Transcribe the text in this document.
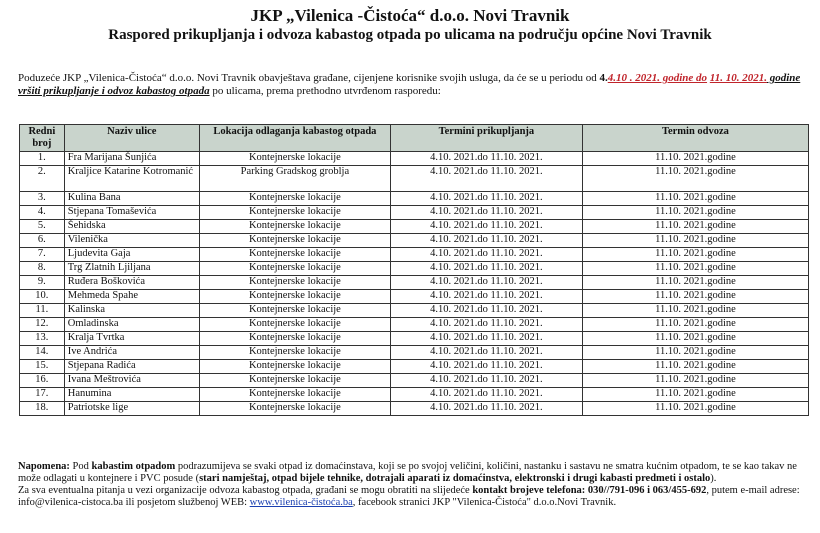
JKP „Vilenica -Čistoća“ d.o.o. Novi Travnik
Raspored prikupljanja i odvoza kabastog otpada po ulicama na području općine Novi Travnik
Poduzeće JKP „Vilenica-Čistoća“ d.o.o. Novi Travnik obavještava građane, cijenjene korisnike svojih usluga, da će se u periodu od 4.4.10 . 2021. godine do 11. 10. 2021. godine vršiti prikupljanje i odvoz kabastog otpada po ulicama, prema prethodno utvrđenom rasporedu:
Redni broj	Naziv ulice	Lokacija odlaganja kabastog otpada	Termini prikupljanja	Termin odvoza
1.	Fra Marijana Šunjića	Kontejnerske lokacije	4.10. 2021.do 11.10. 2021.	11.10. 2021.godine
2.	Kraljice Katarine Kotromanić	Parking Gradskog groblja	4.10. 2021.do 11.10. 2021.	11.10. 2021.godine
3.	Kulina Bana	Kontejnerske lokacije	4.10. 2021.do 11.10. 2021.	11.10. 2021.godine
4.	Stjepana Tomaševića	Kontejnerske lokacije	4.10. 2021.do 11.10. 2021.	11.10. 2021.godine
5.	Šehidska	Kontejnerske lokacije	4.10. 2021.do 11.10. 2021.	11.10. 2021.godine
6.	Vilenička	Kontejnerske lokacije	4.10. 2021.do 11.10. 2021.	11.10. 2021.godine
7.	Ljudevita Gaja	Kontejnerske lokacije	4.10. 2021.do 11.10. 2021.	11.10. 2021.godine
8.	Trg Zlatnih Ljiljana	Kontejnerske lokacije	4.10. 2021.do 11.10. 2021.	11.10. 2021.godine
9.	Ruđera Boškovića	Kontejnerske lokacije	4.10. 2021.do 11.10. 2021.	11.10. 2021.godine
10.	Mehmeda Spahe	Kontejnerske lokacije	4.10. 2021.do 11.10. 2021.	11.10. 2021.godine
11.	Kalinska	Kontejnerske lokacije	4.10. 2021.do 11.10. 2021.	11.10. 2021.godine
12.	Omladinska	Kontejnerske lokacije	4.10. 2021.do 11.10. 2021.	11.10. 2021.godine
13.	Kralja Tvrtka	Kontejnerske lokacije	4.10. 2021.do 11.10. 2021.	11.10. 2021.godine
14.	Ive Andrića	Kontejnerske lokacije	4.10. 2021.do 11.10. 2021.	11.10. 2021.godine
15.	Stjepana Radića	Kontejnerske lokacije	4.10. 2021.do 11.10. 2021.	11.10. 2021.godine
16.	Ivana Meštrovića	Kontejnerske lokacije	4.10. 2021.do 11.10. 2021.	11.10. 2021.godine
17.	Hanumina	Kontejnerske lokacije	4.10. 2021.do 11.10. 2021.	11.10. 2021.godine
18.	Patriotske lige	Kontejnerske lokacije	4.10. 2021.do 11.10. 2021.	11.10. 2021.godine
Napomena: Pod kabastim otpadom podrazumijeva se svaki otpad iz domaćinstava, koji se po svojoj veličini, količini, nastanku i sastavu ne smatra kućnim otpadom, te se kao takav ne može odlagati u kontejnere i PVC posude (stari namještaj, otpad bijele tehnike, dotrajali aparati iz domaćinstva, elektronski i drugi kabasti predmeti i ostalo).
Za sva eventualna pitanja u vezi organizacije odvoza kabastog otpada, građani se mogu obratiti na slijedeće kontakt brojeve telefona: 030//791-096 i 063/455-692, putem e-mail adrese: info@vilenica-cistoca.ba ili posjetom službenoj WEB: www.vilenica-čistoća.ba, facebook stranici JKP "Vilenica-Čistoća" d.o.o.Novi Travnik.
